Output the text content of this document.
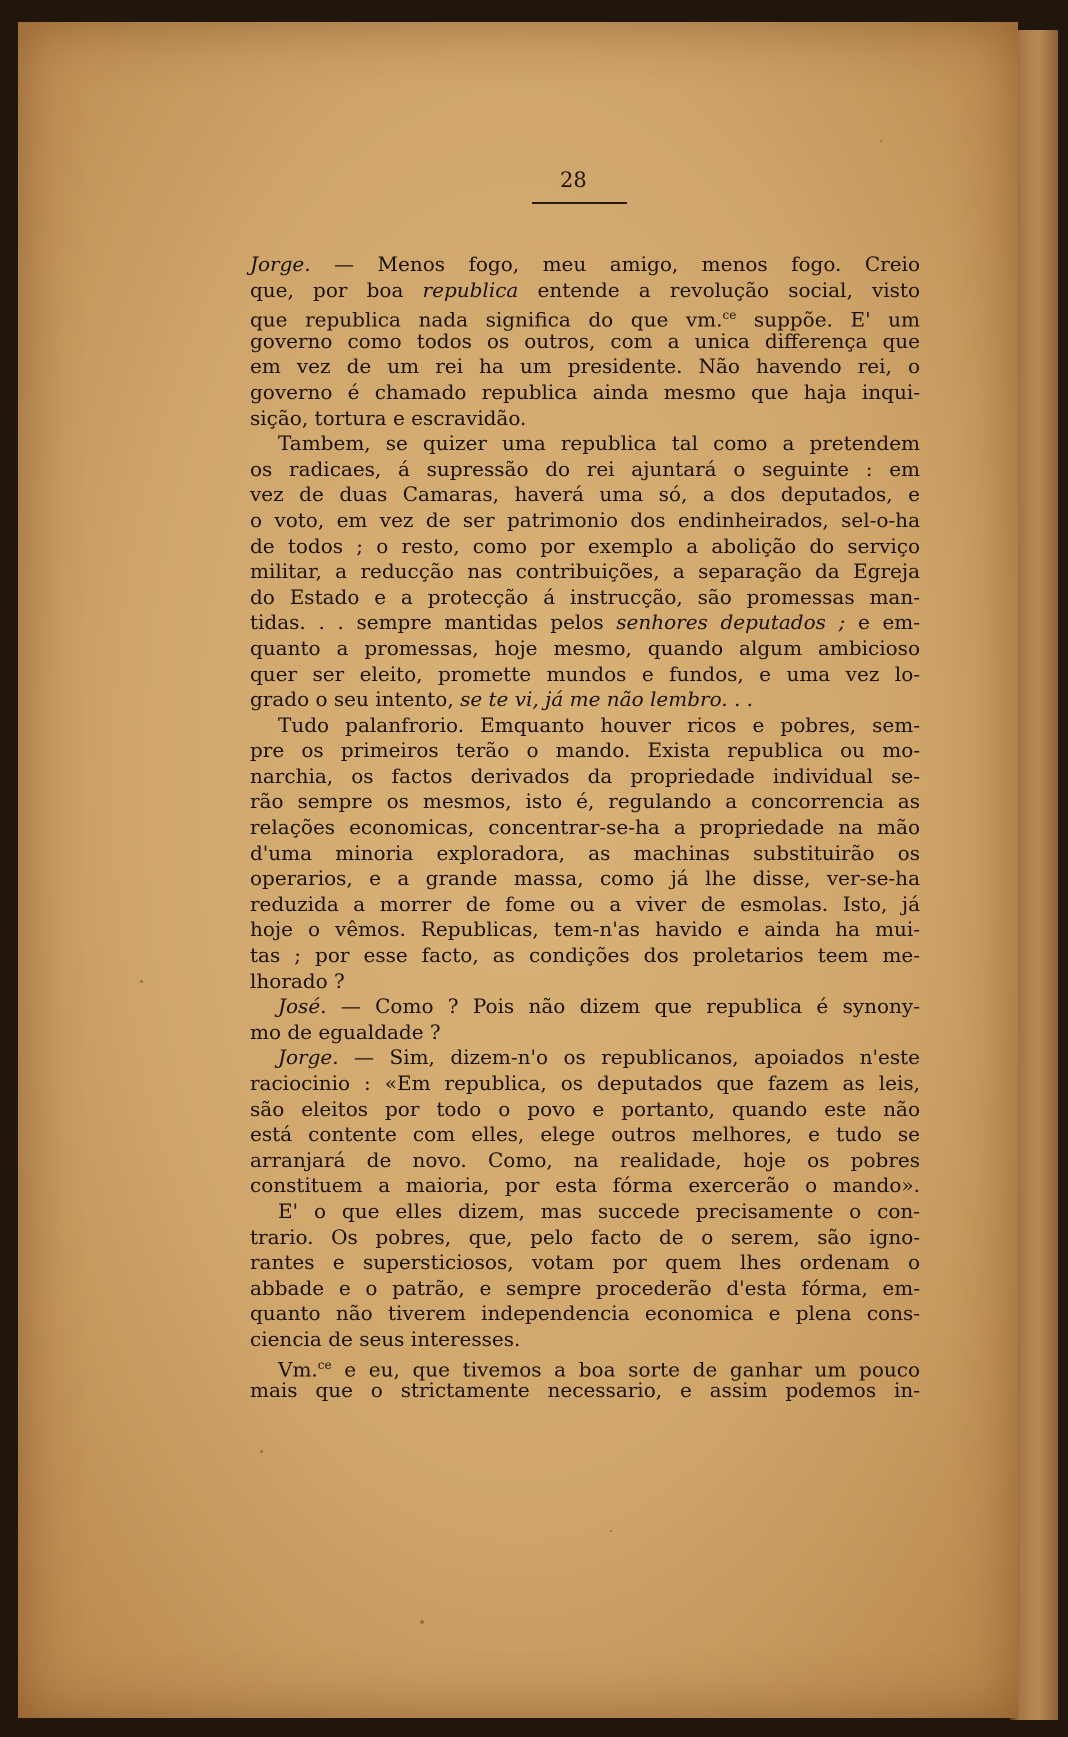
28
Jorge. — Menos fogo, meu amigo, menos fogo. Creio
que, por boa republica entende a revolução social, visto
que republica nada significa do que vm.$^{ce}$ suppõe. E' um
governo como todos os outros, com a unica differença que
em vez de um rei ha um presidente. Não havendo rei, o
governo é chamado republica ainda mesmo que haja inqui-
sição, tortura e escravidão.
Tambem, se quizer uma republica tal como a pretendem
os radicaes, á supressão do rei ajuntará o seguinte : em
vez de duas Camaras, haverá uma só, a dos deputados, e
o voto, em vez de ser patrimonio dos endinheirados, sel-o-ha
de todos ; o resto, como por exemplo a abolição do serviço
militar, a reducção nas contribuições, a separação da Egreja
do Estado e a protecção á instrucção, são promessas man-
tidas. . . sempre mantidas pelos senhores deputados ; e em-
quanto a promessas, hoje mesmo, quando algum ambicioso
quer ser eleito, promette mundos e fundos, e uma vez lo-
grado o seu intento, se te vi, já me não lembro. . .
Tudo palanfrorio. Emquanto houver ricos e pobres, sem-
pre os primeiros terão o mando. Exista republica ou mo-
narchia, os factos derivados da propriedade individual se-
rão sempre os mesmos, isto é, regulando a concorrencia as
relações economicas, concentrar-se-ha a propriedade na mão
d'uma minoria exploradora, as machinas substituirão os
operarios, e a grande massa, como já lhe disse, ver-se-ha
reduzida a morrer de fome ou a viver de esmolas. Isto, já
hoje o vêmos. Republicas, tem-n'as havido e ainda ha mui-
tas ; por esse facto, as condições dos proletarios teem me-
lhorado ?
José. — Como ? Pois não dizem que republica é synony-
mo de egualdade ?
Jorge. — Sim, dizem-n'o os republicanos, apoiados n'este
raciocinio : «Em republica, os deputados que fazem as leis,
são eleitos por todo o povo e portanto, quando este não
está contente com elles, elege outros melhores, e tudo se
arranjará de novo. Como, na realidade, hoje os pobres
constituem a maioria, por esta fórma exercerão o mando».
E' o que elles dizem, mas succede precisamente o con-
trario. Os pobres, que, pelo facto de o serem, são igno-
rantes e supersticiosos, votam por quem lhes ordenam o
abbade e o patrão, e sempre procederão d'esta fórma, em-
quanto não tiverem independencia economica e plena cons-
ciencia de seus interesses.
Vm.$^{ce}$ e eu, que tivemos a boa sorte de ganhar um pouco
mais que o strictamente necessario, e assim podemos in-
